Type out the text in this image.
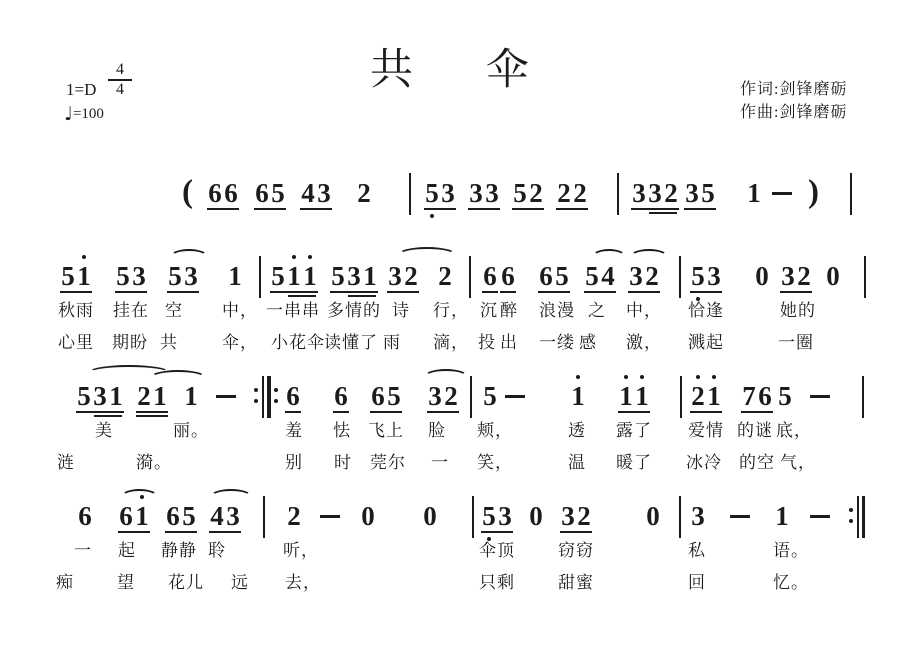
1=D
4
4
♩=100
共 伞	作词:剑锋磨砺
作曲:剑锋磨砺
( 66 65 43 2 53 33 52 22 332 35 1 )
51 53 53 1 511 531 32 2 6 6 65 54 32 53 0 32 0
秋雨 挂在 空 中， 一串串 多情的 诗 行， 沉 醉 浪漫 之 中， 恰逢	她的
心里 期盼 共	伞， 小花伞 读懂了 雨 滴， 投 出 一缕 感 激， 溅起	一圈
531 21 1	6 6 65 32 5	1 11 21 76 5
美	丽。	羞 怯 飞上 脸 颊，	透 露了 爱情 的谜 底，
涟	漪。	别 时 莞尔 一 笑，	温 暖了 冰冷 的空 气，
6 61 65 43 2 0 0 53 0 32 0 3	1
一 起 静静 聆	听，	伞顶	窃窃	私	语。
痴	望 花儿 远 去，	只剩	甜蜜	回	忆。
